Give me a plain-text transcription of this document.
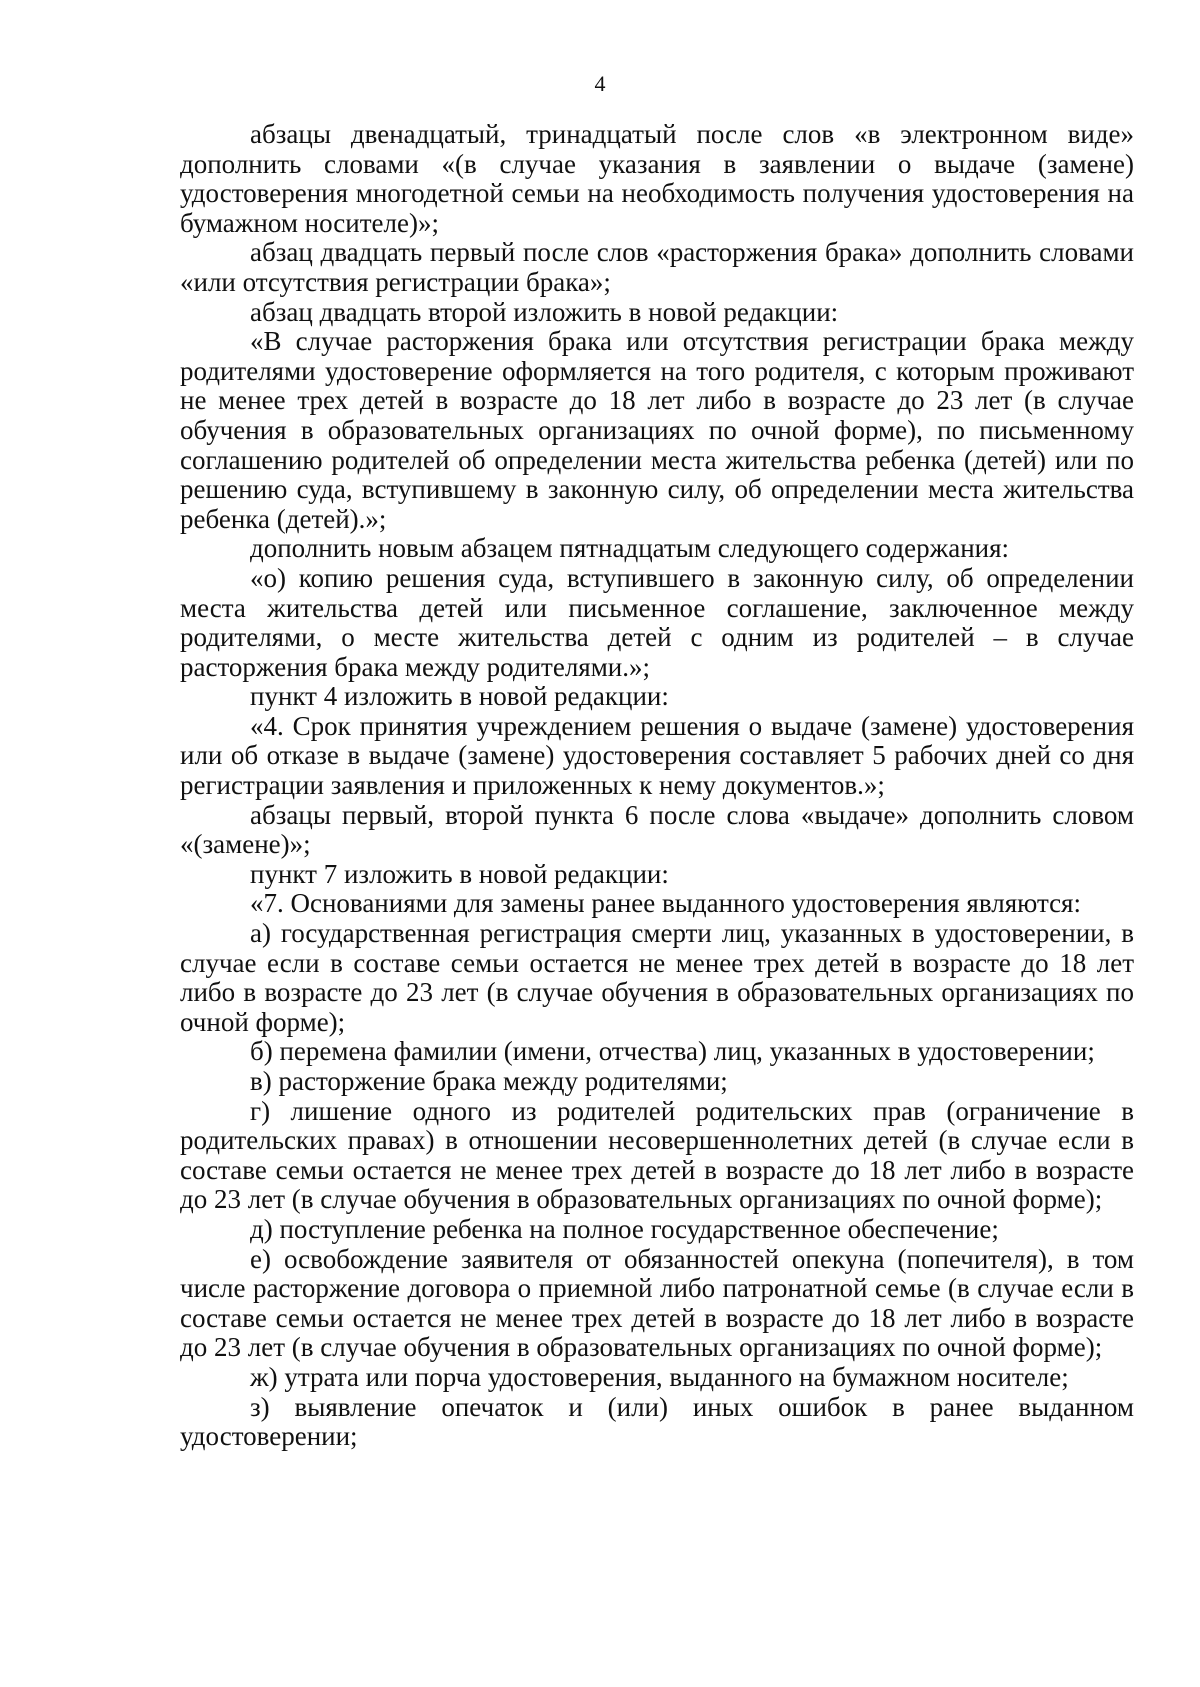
4

абзацы двенадцатый, тринадцатый после слов «в электронном виде» дополнить словами «(в случае указания в заявлении о выдаче (замене) удостоверения многодетной семьи на необходимость получения удостоверения на бумажном носителе)»;

абзац двадцать первый после слов «расторжения брака» дополнить словами «или отсутствия регистрации брака»;

абзац двадцать второй изложить в новой редакции:

«В случае расторжения брака или отсутствия регистрации брака между родителями удостоверение оформляется на того родителя, с которым проживают не менее трех детей в возрасте до 18 лет либо в возрасте до 23 лет (в случае обучения в образовательных организациях по очной форме), по письменному соглашению родителей об определении места жительства ребенка (детей) или по решению суда, вступившему в законную силу, об определении места жительства ребенка (детей).»;

дополнить новым абзацем пятнадцатым следующего содержания:

«о) копию решения суда, вступившего в законную силу, об определении места жительства детей или письменное соглашение, заключенное между родителями, о месте жительства детей с одним из родителей – в случае расторжения брака между родителями.»;

пункт 4 изложить в новой редакции:

«4. Срок принятия учреждением решения о выдаче (замене) удостоверения или об отказе в выдаче (замене) удостоверения составляет 5 рабочих дней со дня регистрации заявления и приложенных к нему документов.»;

абзацы первый, второй пункта 6 после слова «выдаче» дополнить словом «(замене)»;

пункт 7 изложить в новой редакции:

«7. Основаниями для замены ранее выданного удостоверения являются:

а) государственная регистрация смерти лиц, указанных в удостоверении, в случае если в составе семьи остается не менее трех детей в возрасте до 18 лет либо в возрасте до 23 лет (в случае обучения в образовательных организациях по очной форме);

б) перемена фамилии (имени, отчества) лиц, указанных в удостоверении;

в) расторжение брака между родителями;

г) лишение одного из родителей родительских прав (ограничение в родительских правах) в отношении несовершеннолетних детей (в случае если в составе семьи остается не менее трех детей в возрасте до 18 лет либо в возрасте до 23 лет (в случае обучения в образовательных организациях по очной форме);

д) поступление ребенка на полное государственное обеспечение;

е) освобождение заявителя от обязанностей опекуна (попечителя), в том числе расторжение договора о приемной либо патронатной семье (в случае если в составе семьи остается не менее трех детей в возрасте до 18 лет либо в возрасте до 23 лет (в случае обучения в образовательных организациях по очной форме);

ж) утрата или порча удостоверения, выданного на бумажном носителе;

з) выявление опечаток и (или) иных ошибок в ранее выданном удостоверении;
